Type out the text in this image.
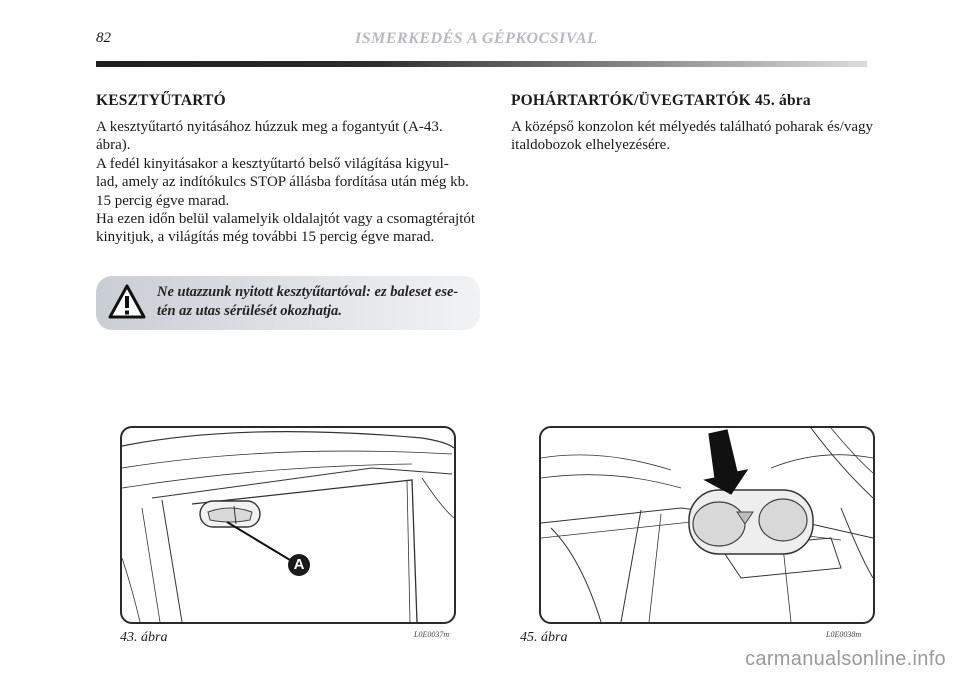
82	ISMERKEDÉS A GÉPKOCSIVAL
KESZTYŰTARTÓ
A kesztyűtartó nyitásához húzzuk meg a fogantyút (A-43.
ábra).
A fedél kinyitásakor a kesztyűtartó belső világítása kigyul-
lad, amely az indítókulcs STOP állásba fordítása után még kb.
15 percig égve marad.
Ha ezen időn belül valamelyik oldalajtót vagy a csomagtérajtót
kinyitjuk, a világítás még további 15 percig égve marad.
Ne utazzunk nyitott kesztyűtartóval: ez baleset ese-
tén az utas sérülését okozhatja.
POHÁRTARTÓK/ÜVEGTARTÓK 45. ábra
A középső konzolon két mélyedés található poharak és/vagy
italdobozok elhelyezésére.
A
43. ábra	L0E0037m	45. ábra	L0E0038m
carmanualsonline.info
